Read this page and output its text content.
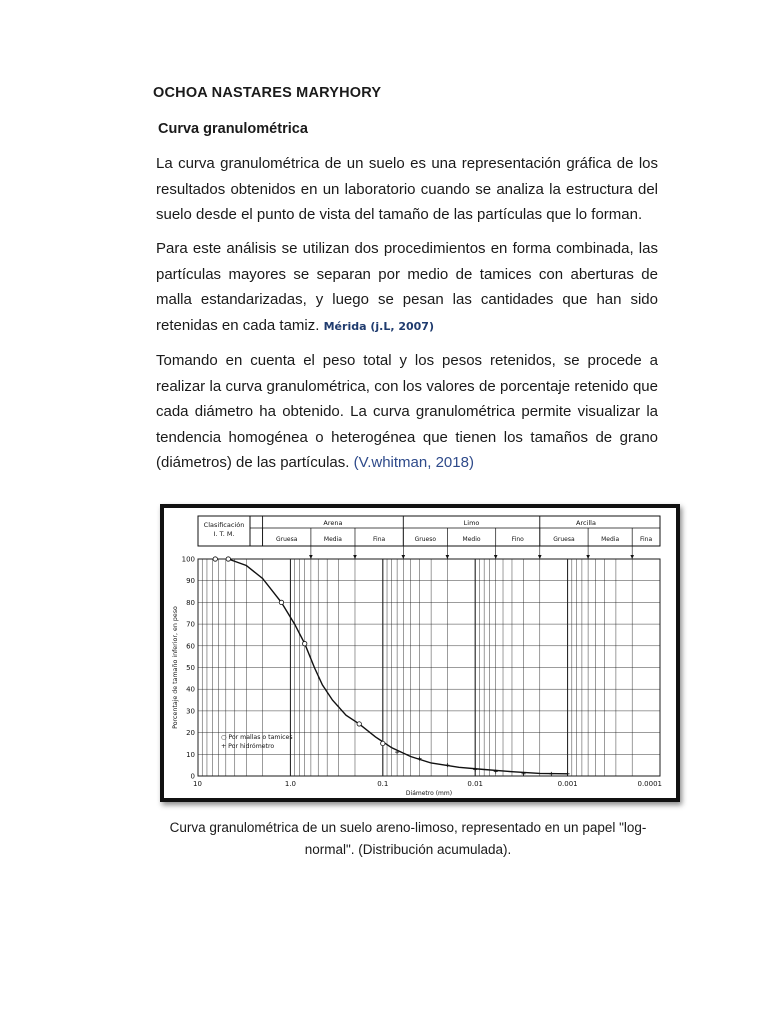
OCHOA NASTARES MARYHORY
Curva granulométrica

La curva granulométrica de un suelo es una representación gráfica de los resultados obtenidos en un laboratorio cuando se analiza la estructura del suelo desde el punto de vista del tamaño de las partículas que lo forman.

Para este análisis se utilizan dos procedimientos en forma combinada, las partículas mayores se separan por medio de tamices con aberturas de malla estandarizadas, y luego se pesan las cantidades que han sido retenidas en cada tamiz. Mérida (j.L, 2007)

Tomando en cuenta el peso total y los pesos retenidos, se procede a realizar la curva granulométrica, con los valores de porcentaje retenido que cada diámetro ha obtenido. La curva granulométrica permite visualizar la tendencia homogénea o heterogénea que tienen los tamaños de grano (diámetros) de las partículas. (V.whitman, 2018)

Clasificación
I. T. M.
Arena
Gruesa	Media	Fina
Limo
Grueso	Medio	Fino
Arcilla
Gruesa	Media	Fina
0
10
20
30
40
50
60
70
80
90
100
10	1.0	0.1	0.01	0.001	0.0001
Diámetro (mm)
Porcentaje de tamaño inferior, en peso
○ Por mallas o tamices
+ Por hidrómetro

Curva granulométrica de un suelo areno-limoso, representado en un papel "log-normal". (Distribución acumulada).
